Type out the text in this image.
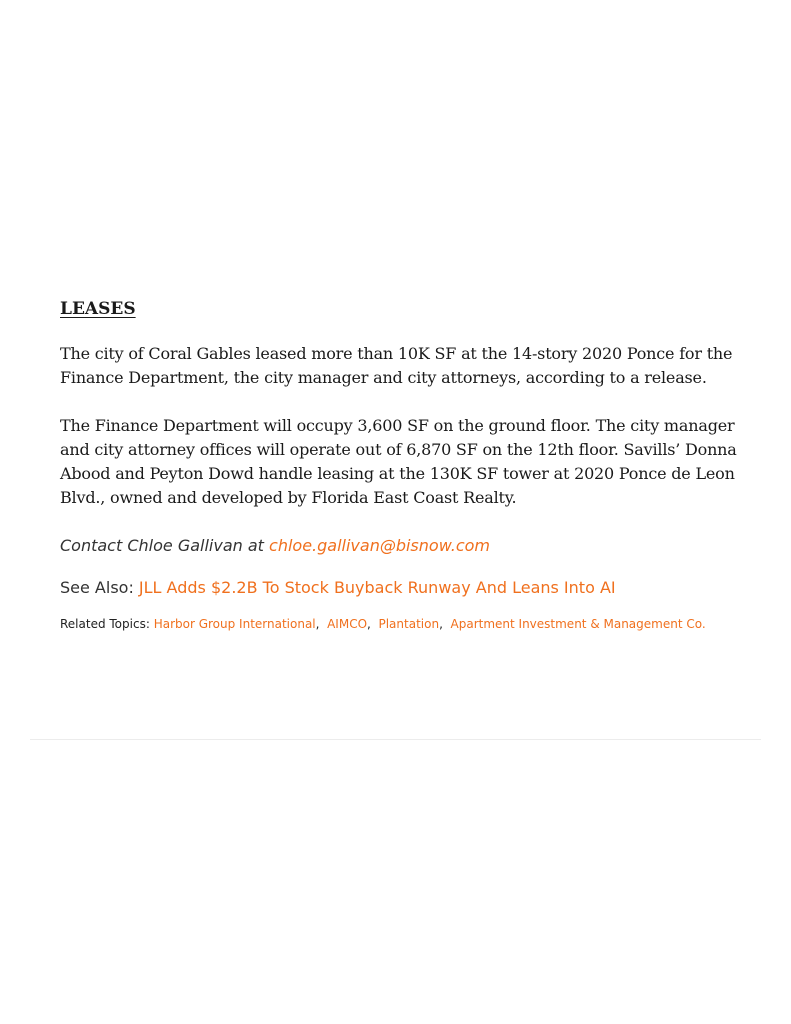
LEASES

The city of Coral Gables leased more than 10K SF at the 14-story 2020 Ponce for the Finance Department, the city manager and city attorneys, according to a release.

The Finance Department will occupy 3,600 SF on the ground floor. The city manager and city attorney offices will operate out of 6,870 SF on the 12th floor. Savills’ Donna Abood and Peyton Dowd handle leasing at the 130K SF tower at 2020 Ponce de Leon Blvd., owned and developed by Florida East Coast Realty.

Contact Chloe Gallivan at chloe.gallivan@bisnow.com

See Also: JLL Adds $2.2B To Stock Buyback Runway And Leans Into AI

Related Topics: Harbor Group International,  AIMCO,  Plantation,  Apartment Investment & Management Co.
